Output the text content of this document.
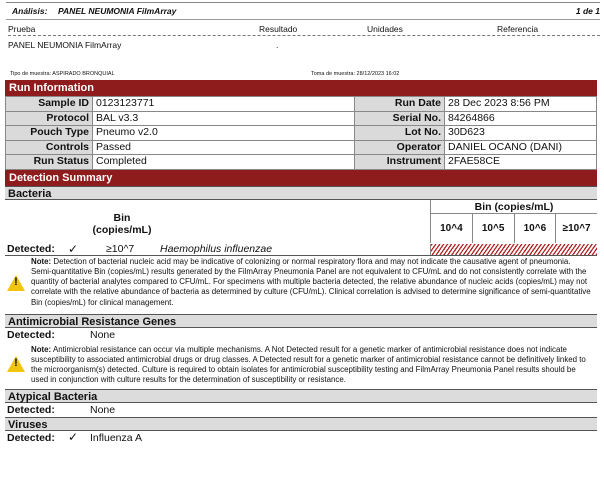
Análisis: PANEL NEUMONIA FilmArray	1 de 1
Prueba	Resultado	Unidades	Referencia
PANEL NEUMONIA FilmArray	.
Tipo de muestra: ASPIRADO BRONQUIAL	Toma de muestra: 28/12/2023 16:02
Run Information
Sample ID	0123123771	Run Date	28 Dec 2023 8:56 PM
Protocol	BAL v3.3	Serial No.	84264866
Pouch Type	Pneumo v2.0	Lot No.	30D623
Controls	Passed	Operator	DANIEL OCANO (DANI)
Run Status	Completed	Instrument	2FAE58CE
Detection Summary
Bacteria
Bin
(copies/mL)
Bin (copies/mL)
10^4	10^5	10^6	≥10^7
Detected: ✓	≥10^7 Haemophilus influenzae
!
Note: Detection of bacterial nucleic acid may be indicative of colonizing or normal respiratory flora and may not indicate the causative agent of pneumonia. Semi-quantitative Bin (copies/mL) results generated by the FilmArray Pneumonia Panel are not equivalent to CFU/mL and do not consistently correlate with the quantity of bacterial analytes compared to CFU/mL. For specimens with multiple bacteria detected, the relative abundance of nucleic acids (copies/mL) may not correlate with the relative abundance of bacteria as determined by culture (CFU/mL). Clinical correlation is advised to determine significance of semi-quantitative Bin (copies/mL) for clinical management.
Antimicrobial Resistance Genes
Detected:	None
!
Note: Antimicrobial resistance can occur via multiple mechanisms. A Not Detected result for a genetic marker of antimicrobial resistance does not indicate susceptibility to associated antimicrobial drugs or drug classes. A Detected result for a genetic marker of antimicrobial resistance cannot be definitively linked to the microorganism(s) detected. Culture is required to obtain isolates for antimicrobial susceptibility testing and FilmArray Pneumonia Panel results should be used in conjunction with culture results for the determination of susceptibility or resistance.
Atypical Bacteria
Detected:	None
Viruses
Detected: ✓ Influenza A
